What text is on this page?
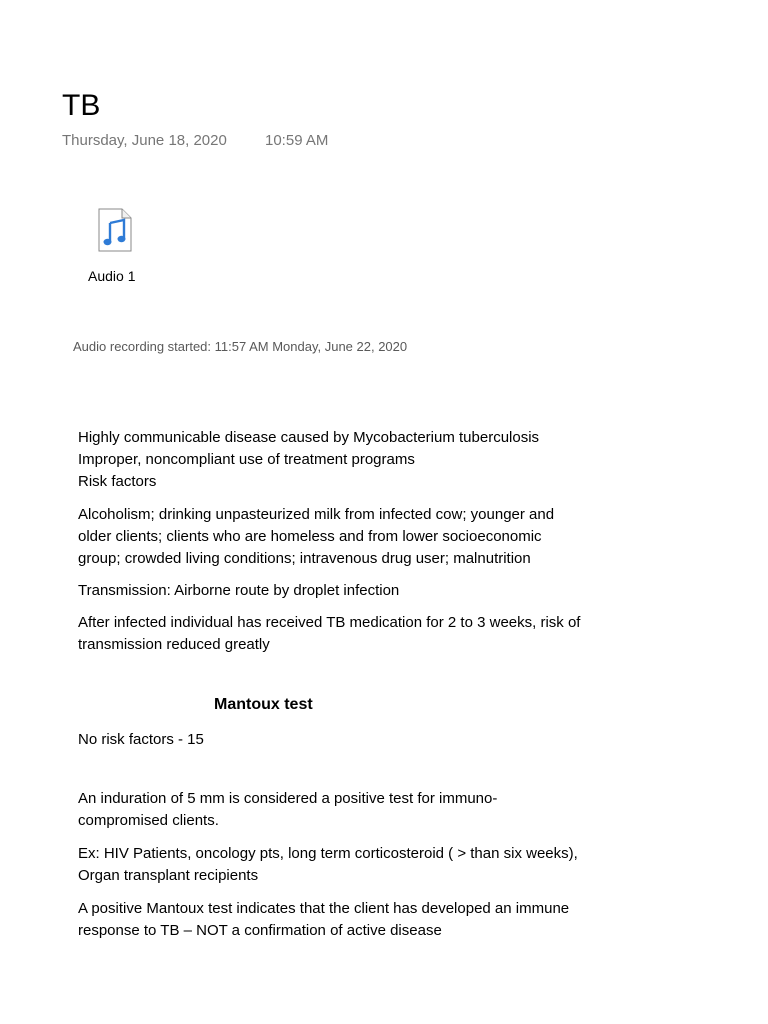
TB
Thursday, June 18, 2020	10:59 AM
Audio 1
Audio recording started: 11:57 AM Monday, June 22, 2020

Highly communicable disease caused by Mycobacterium tuberculosis

Improper, noncompliant use of treatment programs

Risk factors

Alcoholism; drinking unpasteurized milk from infected cow; younger and

older clients; clients who are homeless and from lower socioeconomic

group; crowded living conditions; intravenous drug user; malnutrition

Transmission: Airborne route by droplet infection

After infected individual has received TB medication for 2 to 3 weeks, risk of

transmission reduced greatly

Mantoux test

No risk factors - 15

An induration of 5 mm is considered a positive test for immuno-

compromised clients.

Ex: HIV Patients, oncology pts, long term corticosteroid ( > than six weeks),

Organ transplant recipients

A positive Mantoux test indicates that the client has developed an immune

response to TB – NOT a confirmation of active disease
